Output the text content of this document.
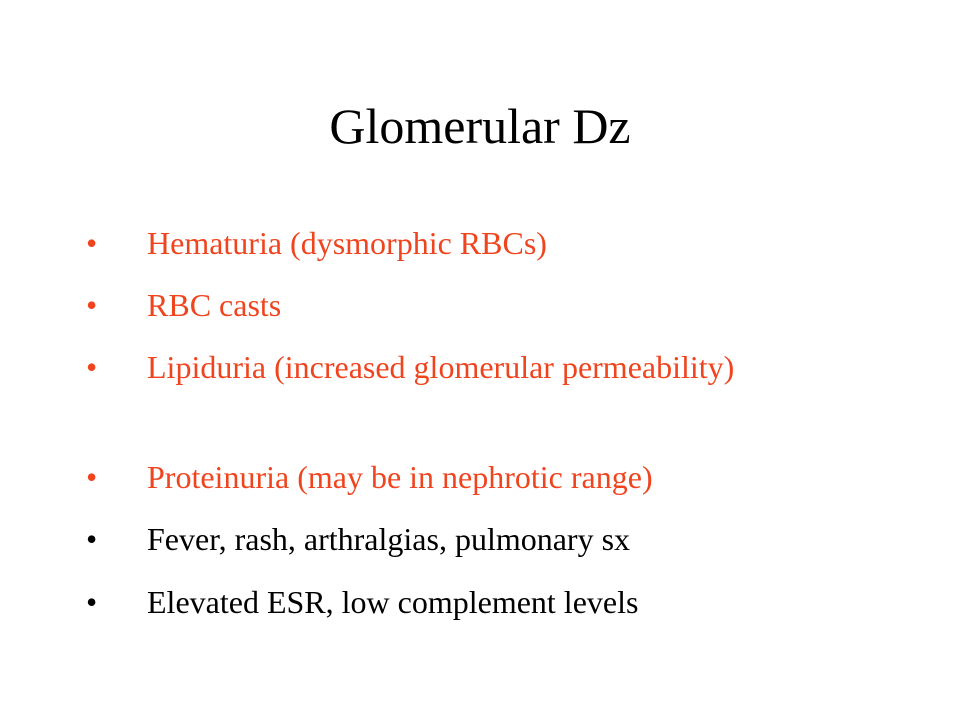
Glomerular Dz
•	Hematuria (dysmorphic RBCs)
•	RBC casts
•	Lipiduria (increased glomerular permeability)
•	Proteinuria (may be in nephrotic range)
•	Fever, rash, arthralgias, pulmonary sx
•	Elevated ESR, low complement levels
